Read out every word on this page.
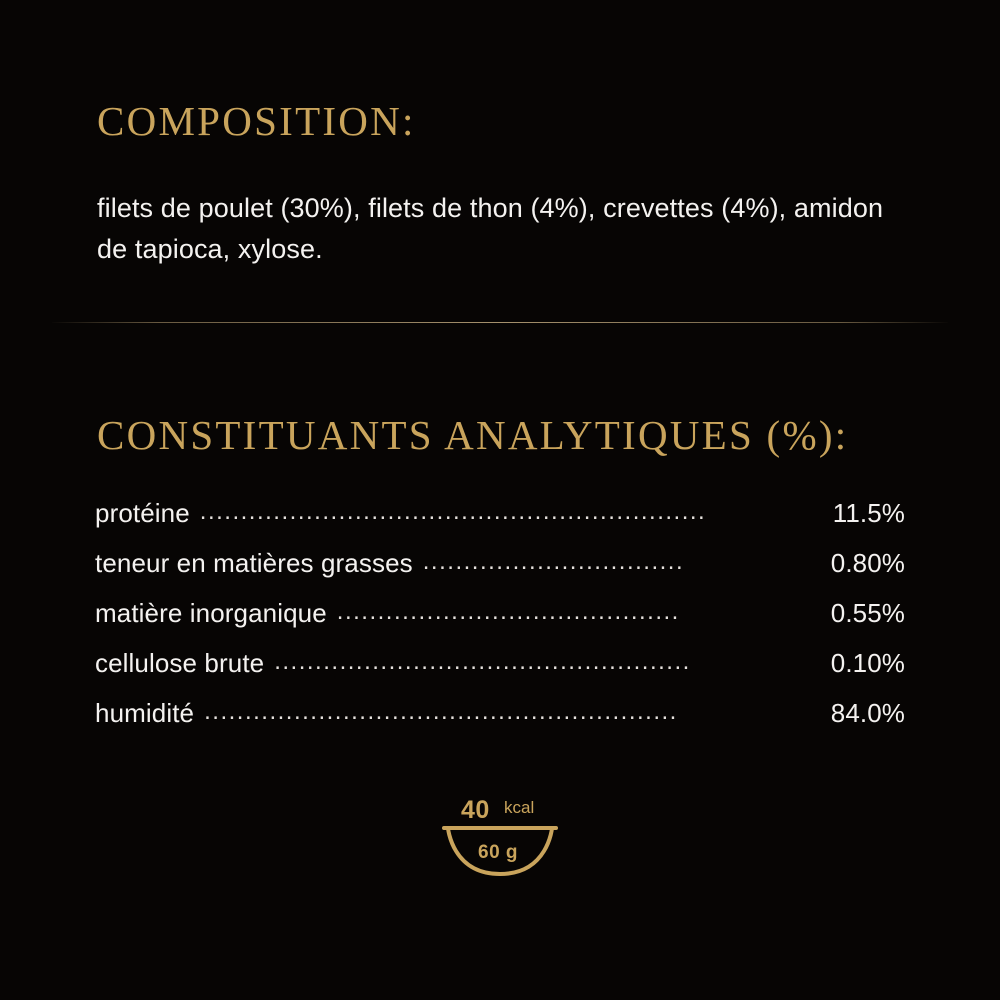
COMPOSITION:
filets de poulet (30%), filets de thon (4%), crevettes (4%), amidon de tapioca, xylose.
CONSTITUANTS ANALYTIQUES (%):
protéine ..............................................................	11.5%
teneur en matières grasses ................................	0.80%
matière inorganique ..........................................	0.55%
cellulose brute ...................................................	0.10%
humidité ..........................................................	84.0%
40 kcal
60 g
